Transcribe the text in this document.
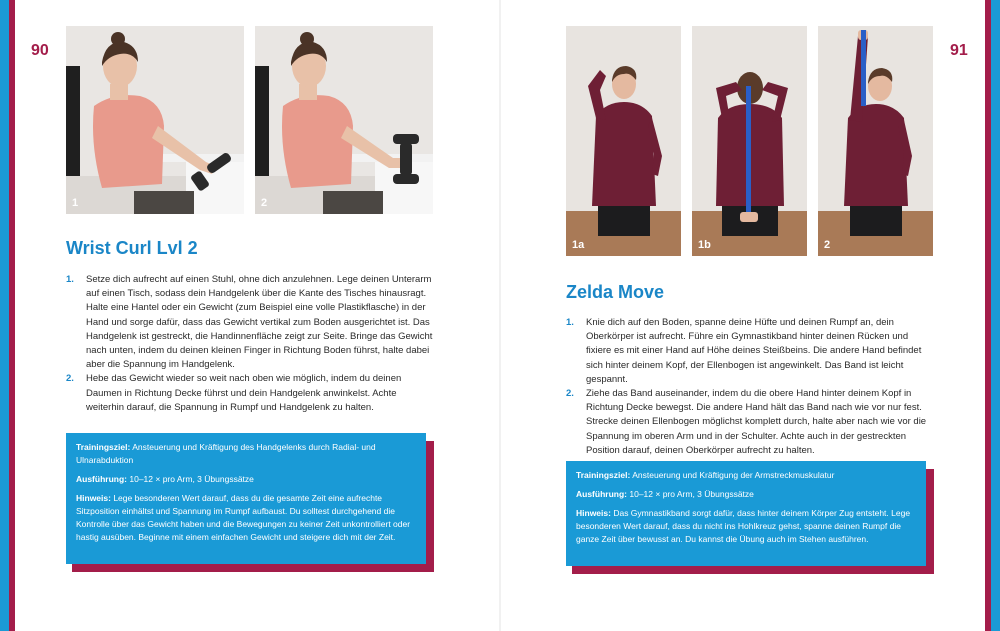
90
1	2
Wrist Curl Lvl 2
1. Setze dich aufrecht auf einen Stuhl, ohne dich anzulehnen. Lege deinen Unterarm auf einen Tisch, sodass dein Handgelenk über die Kante des Tisches hinausragt. Halte eine Hantel oder ein Gewicht (zum Beispiel eine volle Plastikflasche) in der Hand und sorge dafür, dass das Gewicht vertikal zum Boden ausgerichtet ist. Das Handgelenk ist gestreckt, die Handinnenfläche zeigt zur Seite. Bringe das Gewicht nach unten, indem du deinen kleinen Finger in Richtung Boden führst, halte dabei aber die Spannung im Handgelenk.
2. Hebe das Gewicht wieder so weit nach oben wie möglich, indem du deinen Daumen in Richtung Decke führst und dein Handgelenk anwinkelst. Achte weiterhin darauf, die Spannung in Rumpf und Handgelenk zu halten.

Trainingsziel: Ansteuerung und Kräftigung des Handgelenks durch Radial- und Ulnarabduktion

Ausführung: 10–12 × pro Arm, 3 Übungssätze

Hinweis: Lege besonderen Wert darauf, dass du die gesamte Zeit eine aufrechte Sitzposition einhältst und Spannung im Rumpf aufbaust. Du solltest durchgehend die Kontrolle über das Gewicht haben und die Bewegungen zu keiner Zeit unkontrolliert oder hastig ausüben. Beginne mit einem einfachen Gewicht und steigere dich mit der Zeit.

91
1a	1b	2
Zelda Move
1. Knie dich auf den Boden, spanne deine Hüfte und deinen Rumpf an, dein Oberkörper ist aufrecht. Führe ein Gymnastikband hinter deinen Rücken und fixiere es mit einer Hand auf Höhe deines Steißbeins. Die andere Hand befindet sich hinter deinem Kopf, der Ellenbogen ist angewinkelt. Das Band ist leicht gespannt.
2. Ziehe das Band auseinander, indem du die obere Hand hinter deinem Kopf in Richtung Decke bewegst. Die andere Hand hält das Band nach wie vor nur fest. Strecke deinen Ellenbogen möglichst komplett durch, halte aber nach wie vor die Spannung im oberen Arm und in der Schulter. Achte auch in der gestreckten Position darauf, deinen Oberkörper aufrecht zu halten.

Trainingsziel: Ansteuerung und Kräftigung der Armstreckmuskulatur

Ausführung: 10–12 × pro Arm, 3 Übungssätze

Hinweis: Das Gymnastikband sorgt dafür, dass hinter deinem Körper Zug entsteht. Lege besonderen Wert darauf, dass du nicht ins Hohlkreuz gehst, spanne deinen Rumpf die ganze Zeit über bewusst an. Du kannst die Übung auch im Stehen ausführen.
